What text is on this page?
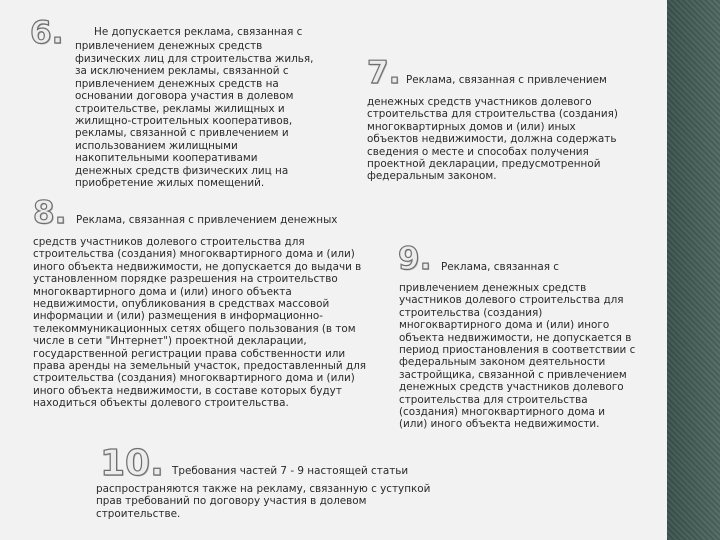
6.	Не допускается реклама, связанная с
привлечением денежных средств
физических лиц для строительства жилья,
за исключением рекламы, связанной с
привлечением денежных средств на
основании договора участия в долевом
строительстве, рекламы жилищных и
жилищно-строительных кооперативов,
рекламы, связанной с привлечением и
использованием жилищными
накопительными кооперативами
денежных средств физических лиц на
приобретение жилых помещений.
7. Реклама, связанная с привлечением
денежных средств участников долевого
строительства для строительства (создания)
многоквартирных домов и (или) иных
объектов недвижимости, должна содержать
сведения о месте и способах получения
проектной декларации, предусмотренной
федеральным законом.
8. Реклама, связанная с привлечением денежных
средств участников долевого строительства для
строительства (создания) многоквартирного дома и (или)
иного объекта недвижимости, не допускается до выдачи в
установленном порядке разрешения на строительство
многоквартирного дома и (или) иного объекта
недвижимости, опубликования в средствах массовой
информации и (или) размещения в информационно-
телекоммуникационных сетях общего пользования (в том
числе в сети "Интернет") проектной декларации,
государственной регистрации права собственности или
права аренды на земельный участок, предоставленный для
строительства (создания) многоквартирного дома и (или)
иного объекта недвижимости, в составе которых будут
находиться объекты долевого строительства.
9. Реклама, связанная с
привлечением денежных средств
участников долевого строительства для
строительства (создания)
многоквартирного дома и (или) иного
объекта недвижимости, не допускается в
период приостановления в соответствии с
федеральным законом деятельности
застройщика, связанной с привлечением
денежных средств участников долевого
строительства для строительства
(создания) многоквартирного дома и
(или) иного объекта недвижимости.
10. Требования частей 7 - 9 настоящей статьи
распространяются также на рекламу, связанную с уступкой
прав требований по договору участия в долевом
строительстве.
